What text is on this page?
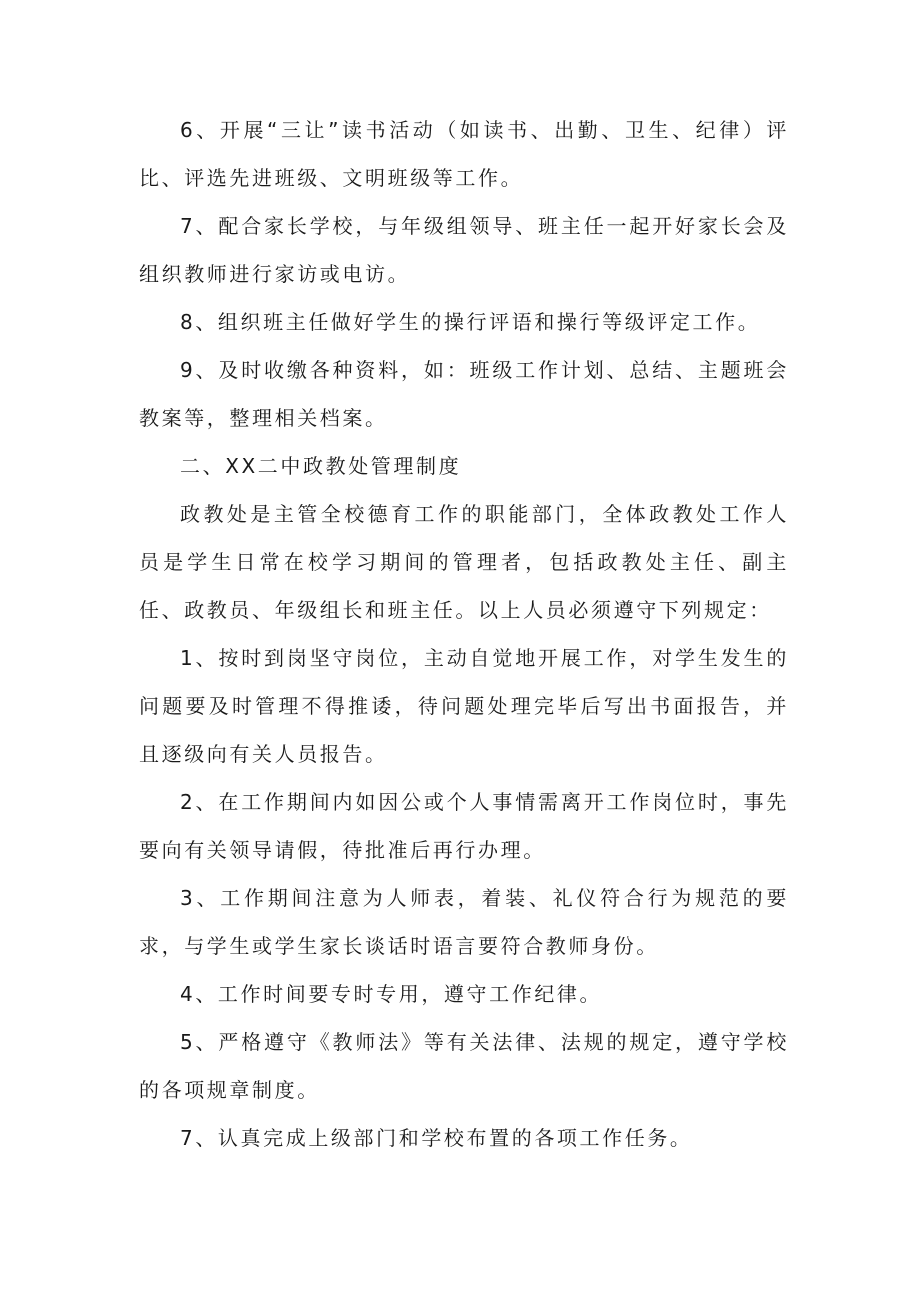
6、开展“三让”读书活动（如读书、出勤、卫生、纪律）评比、评选先进班级、文明班级等工作。

7、配合家长学校，与年级组领导、班主任一起开好家长会及组织教师进行家访或电访。

8、组织班主任做好学生的操行评语和操行等级评定工作。

9、及时收缴各种资料，如：班级工作计划、总结、主题班会教案等，整理相关档案。

二、XX二中政教处管理制度

政教处是主管全校德育工作的职能部门，全体政教处工作人员是学生日常在校学习期间的管理者，包括政教处主任、副主任、政教员、年级组长和班主任。以上人员必须遵守下列规定：

1、按时到岗坚守岗位，主动自觉地开展工作，对学生发生的问题要及时管理不得推诿，待问题处理完毕后写出书面报告，并且逐级向有关人员报告。

2、在工作期间内如因公或个人事情需离开工作岗位时，事先要向有关领导请假，待批准后再行办理。

3、工作期间注意为人师表，着装、礼仪符合行为规范的要求，与学生或学生家长谈话时语言要符合教师身份。

4、工作时间要专时专用，遵守工作纪律。

5、严格遵守《教师法》等有关法律、法规的规定，遵守学校的各项规章制度。

7、认真完成上级部门和学校布置的各项工作任务。
